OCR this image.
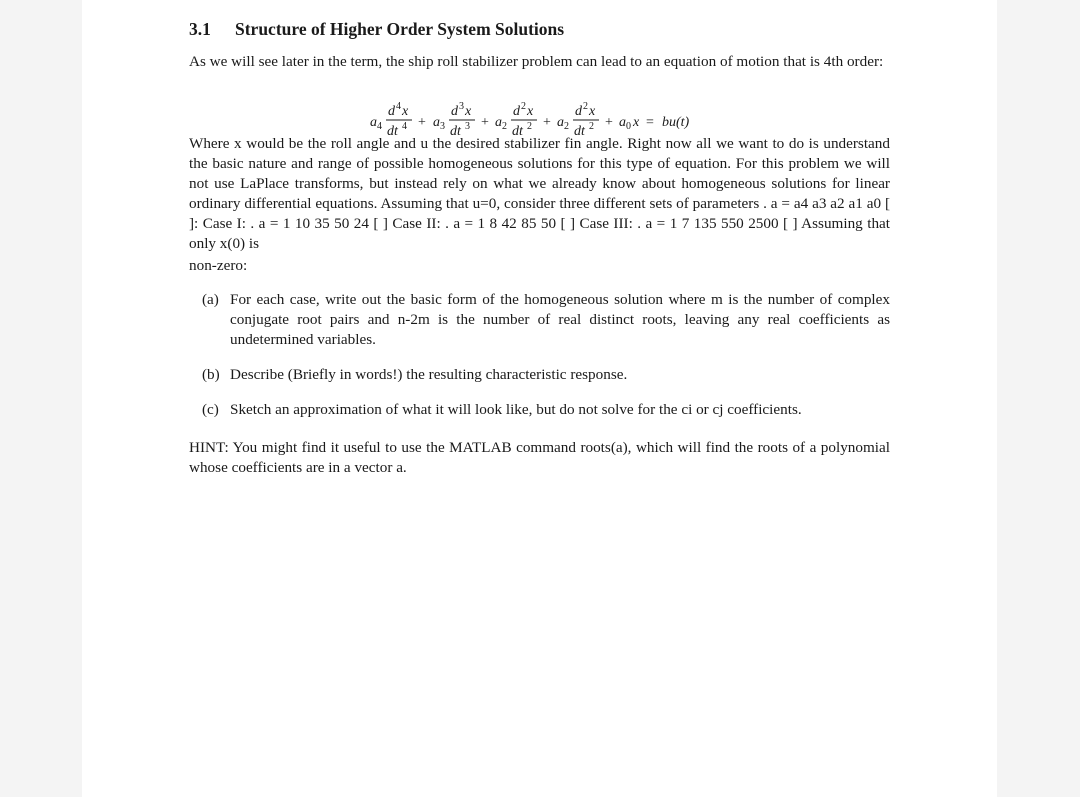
3.1 Structure of Higher Order System Solutions

As we will see later in the term, the ship roll stabilizer problem can lead to an equation of motion that is 4th order:

a 4
d 4 x
dt 4 + a 3
d 3 x
dt 3 + a 2
d 2 x
dt 2 + a 2
d 2 x
dt 2 + a 0 x = bu(t)

Where x would be the roll angle and u the desired stabilizer fin angle. Right now all we want to do is understand the basic nature and range of possible homogeneous solutions for this type of equation. For this problem we will not use LaPlace transforms, but instead rely on what we already know about homogeneous solutions for linear ordinary differential equations. Assuming that u=0, consider three different sets of parameters . a = a4 a3 a2 a1 a0 [ ]: Case I: . a = 1 10 35 50 24 [ ] Case II: . a = 1 8 42 85 50 [ ] Case III: . a = 1 7 135 550 2500 [ ] Assuming that only x(0) is

non-zero:

(a) For each case, write out the basic form of the homogeneous solution where m is the number of complex conjugate root pairs and n-2m is the number of real distinct roots, leaving any real coefficients as undetermined variables.
(b) Describe (Briefly in words!) the resulting characteristic response.
(c) Sketch an approximation of what it will look like, but do not solve for the ci or cj coefficients.

HINT: You might find it useful to use the MATLAB command roots(a), which will find the roots of a polynomial whose coefficients are in a vector a.
